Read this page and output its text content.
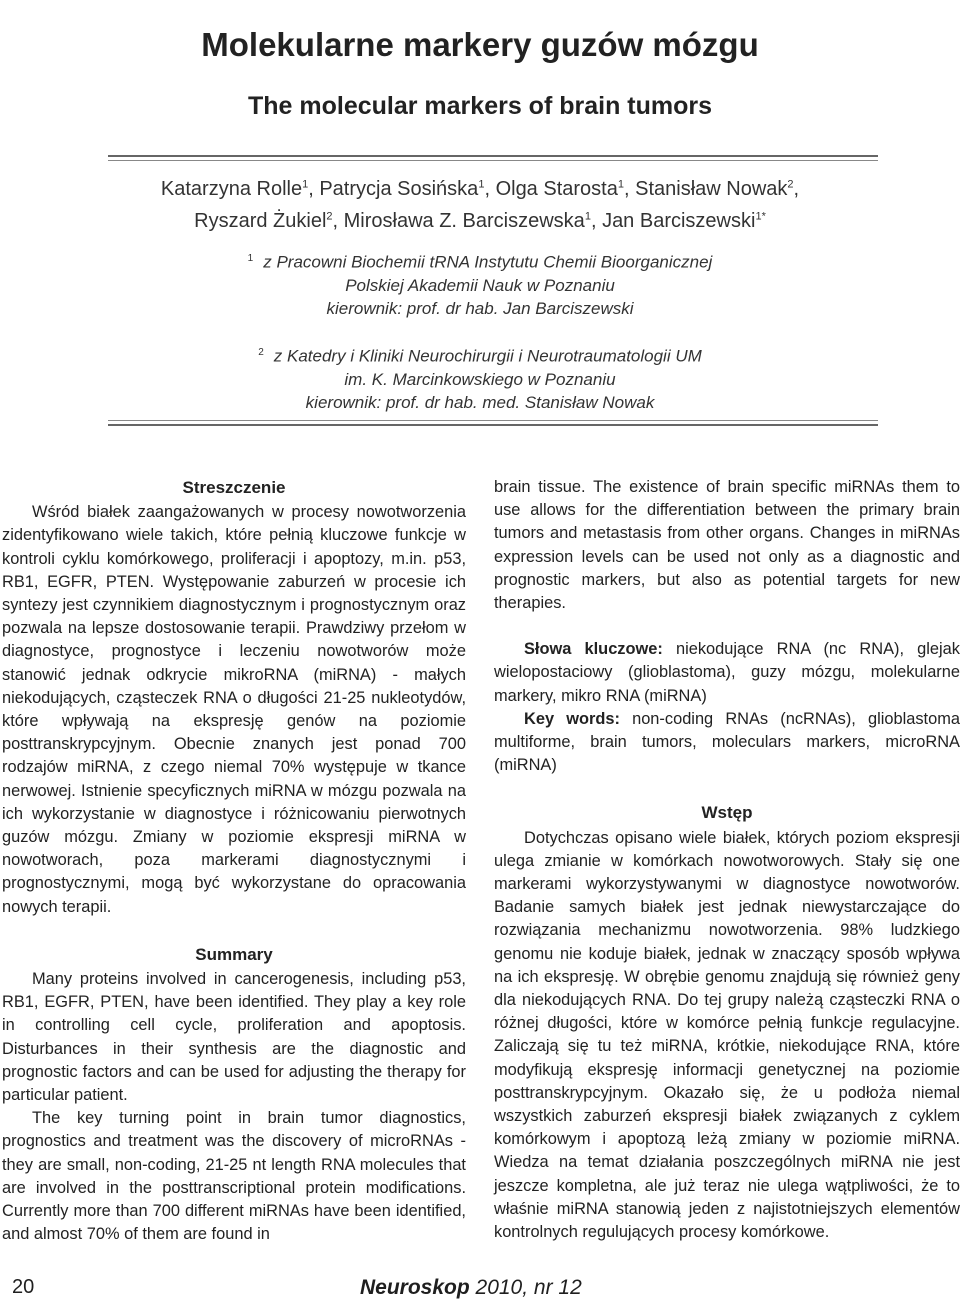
Molekularne markery guzów mózgu
The molecular markers of brain tumors
Katarzyna Rolle$^1$, Patrycja Sosińska$^1$, Olga Starosta$^1$, Stanisław Nowak$^2$,
Ryszard Żukiel$^2$, Mirosława Z. Barciszewska$^1$, Jan Barciszewski$^{1*}$
$^1$ z Pracowni Biochemii tRNA Instytutu Chemii Bioorganicznej
Polskiej Akademii Nauk w Poznaniu
kierownik: prof. dr hab. Jan Barciszewski
$^2$ z Katedry i Kliniki Neurochirurgii i Neurotraumatologii UM
im. K. Marcinkowskiego w Poznaniu
kierownik: prof. dr hab. med. Stanisław Nowak

Streszczenie

Wśród białek zaangażowanych w procesy nowotworzenia zidentyfikowano wiele takich, które pełnią kluczowe funkcje w kontroli cyklu komórkowego, proliferacji i apoptozy, m.in. p53, RB1, EGFR, PTEN. Występowanie zaburzeń w procesie ich syntezy jest czynnikiem diagnostycznym i prognostycznym oraz pozwala na lepsze dostosowanie terapii. Prawdziwy przełom w diagnostyce, prognostyce i leczeniu nowotworów może stanowić jednak odkrycie mikroRNA (miRNA) - małych niekodujących, cząsteczek RNA o długości 21-25 nukleotydów, które wpływają na ekspresję genów na poziomie posttranskrypcyjnym. Obecnie znanych jest ponad 700 rodzajów miRNA, z czego niemal 70% występuje w tkance nerwowej. Istnienie specyficznych miRNA w mózgu pozwala na ich wykorzystanie w diagnostyce i różnicowaniu pierwotnych guzów mózgu. Zmiany w poziomie ekspresji miRNA w nowotworach, poza markerami diagnostycznymi i prognostycznymi, mogą być wykorzystane do opracowania nowych terapii.

Summary

Many proteins involved in cancerogenesis, including p53, RB1, EGFR, PTEN, have been identified. They play a key role in controlling cell cycle, proliferation and apoptosis. Disturbances in their synthesis are the diagnostic and prognostic factors and can be used for adjusting the therapy for particular patient.

The key turning point in brain tumor diagnostics, prognostics and treatment was the discovery of microRNAs - they are small, non-coding, 21-25 nt length RNA molecules that are involved in the posttranscriptional protein modifications. Currently more than 700 different miRNAs have been identified, and almost 70% of them are found in

brain tissue. The existence of brain specific miRNAs them to use allows for the differentiation between the primary brain tumors and metastasis from other organs. Changes in miRNAs expression levels can be used not only as a diagnostic and prognostic markers, but also as potential targets for new therapies.

Słowa kluczowe: niekodujące RNA (nc RNA), glejak wielopostaciowy (glioblastoma), guzy mózgu, molekularne markery, mikro RNA (miRNA)

Key words: non-coding RNAs (ncRNAs), glioblastoma multiforme, brain tumors, moleculars markers, microRNA (miRNA)

Wstęp

Dotychczas opisano wiele białek, których poziom ekspresji ulega zmianie w komórkach nowotworowych. Stały się one markerami wykorzystywanymi w diagnostyce nowotworów. Badanie samych białek jest jednak niewystarczające do rozwiązania mechanizmu nowotworzenia. 98% ludzkiego genomu nie koduje białek, jednak w znaczący sposób wpływa na ich ekspresję. W obrębie genomu znajdują się również geny dla niekodujących RNA. Do tej grupy należą cząsteczki RNA o różnej długości, które w komórce pełnią funkcje regulacyjne. Zaliczają się tu też miRNA, krótkie, niekodujące RNA, które modyfikują ekspresję informacji genetycznej na poziomie posttranskrypcyjnym. Okazało się, że u podłoża niemal wszystkich zaburzeń ekspresji białek związanych z cyklem komórkowym i apoptozą leżą zmiany w poziomie miRNA. Wiedza na temat działania poszczególnych miRNA nie jest jeszcze kompletna, ale już teraz nie ulega wątpliwości, że to właśnie miRNA stanowią jeden z najistotniejszych elementów kontrolnych regulujących procesy komórkowe.

20	Neuroskop 2010, nr 12
